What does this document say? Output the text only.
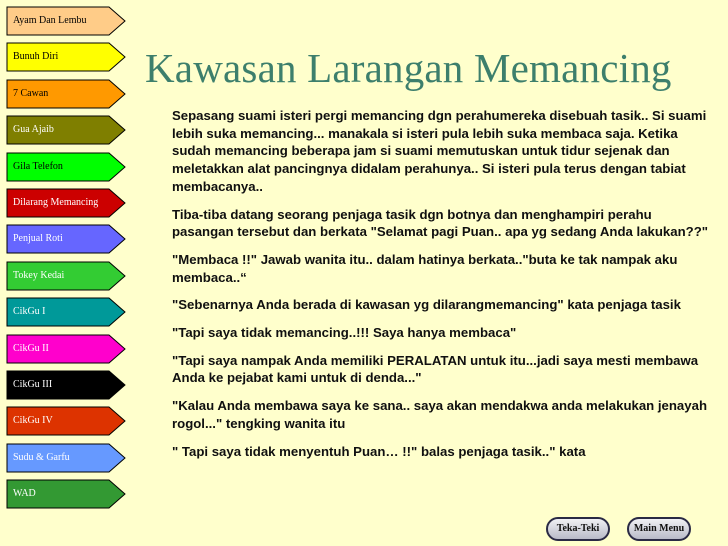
Ayam Dan Lembu
Bunuh Diri
7 Cawan
Gua Ajaib
Gila Telefon
Dilarang Memancing
Penjual Roti
Tokey Kedai
CikGu I
CikGu II
CikGu III
CikGu IV
Sudu & Garfu
WAD
Kawasan Larangan Memancing

Sepasang suami isteri pergi memancing dgn perahumereka disebuah tasik.. Si suami lebih suka memancing... manakala si isteri pula lebih suka membaca saja. Ketika sudah memancing beberapa jam si suami memutuskan untuk tidur sejenak dan meletakkan alat pancingnya didalam perahunya.. Si isteri pula terus dengan tabiat membacanya..

Tiba-tiba datang seorang penjaga tasik dgn botnya dan menghampiri perahu pasangan tersebut dan berkata "Selamat pagi Puan.. apa yg sedang Anda lakukan??"

"Membaca !!" Jawab wanita itu.. dalam hatinya berkata.."buta ke tak nampak aku membaca..“

"Sebenarnya Anda berada di kawasan yg dilarangmemancing" kata penjaga tasik

"Tapi saya tidak memancing..!!! Saya hanya membaca"

"Tapi saya nampak Anda memiliki PERALATAN untuk itu...jadi saya mesti membawa Anda ke pejabat kami untuk di denda..."

"Kalau Anda membawa saya ke sana.. saya akan mendakwa anda melakukan jenayah rogol..." tengking wanita itu

" Tapi saya tidak menyentuh Puan… !!" balas penjaga tasik.." kata

Teka-Teki	Main Menu
